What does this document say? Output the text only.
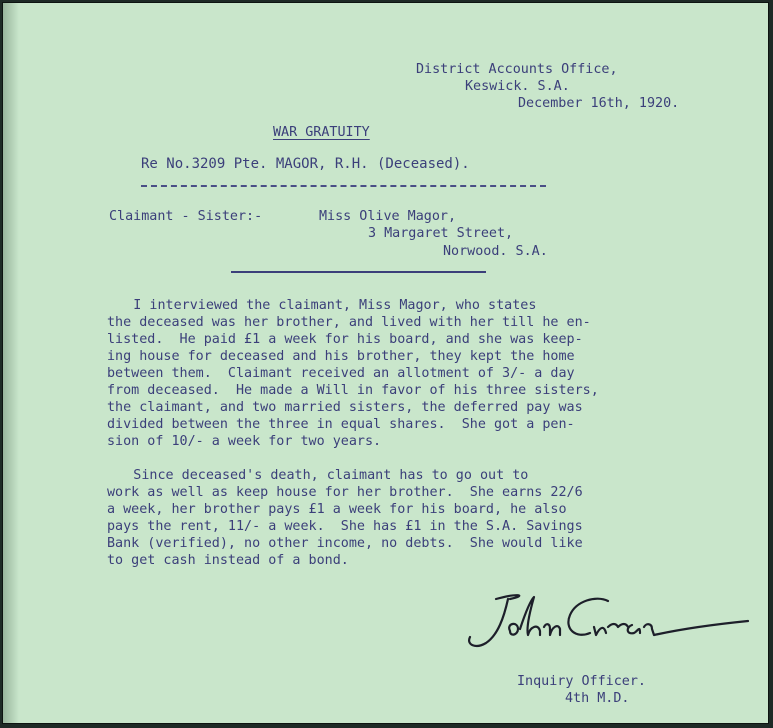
District Accounts Office,
Keswick. S.A.
December 16th, 1920.
WAR GRATUITY
Re No.3209 Pte. MAGOR, R.H. (Deceased).
Claimant - Sister:-	Miss Olive Magor,
3 Margaret Street,
Norwood. S.A.
I interviewed the claimant, Miss Magor, who states
the deceased was her brother, and lived with her till he en-
listed.  He paid £1 a week for his board, and she was keep-
ing house for deceased and his brother, they kept the home
between them.  Claimant received an allotment of 3/- a day
from deceased.  He made a Will in favor of his three sisters,
the claimant, and two married sisters, the deferred pay was
divided between the three in equal shares.  She got a pen-
sion of 10/- a week for two years.
Since deceased's death, claimant has to go out to
work as well as keep house for her brother.  She earns 22/6
a week, her brother pays £1 a week for his board, he also
pays the rent, 11/- a week.  She has £1 in the S.A. Savings
Bank (verified), no other income, no debts.  She would like
to get cash instead of a bond.
Inquiry Officer.
4th M.D.
